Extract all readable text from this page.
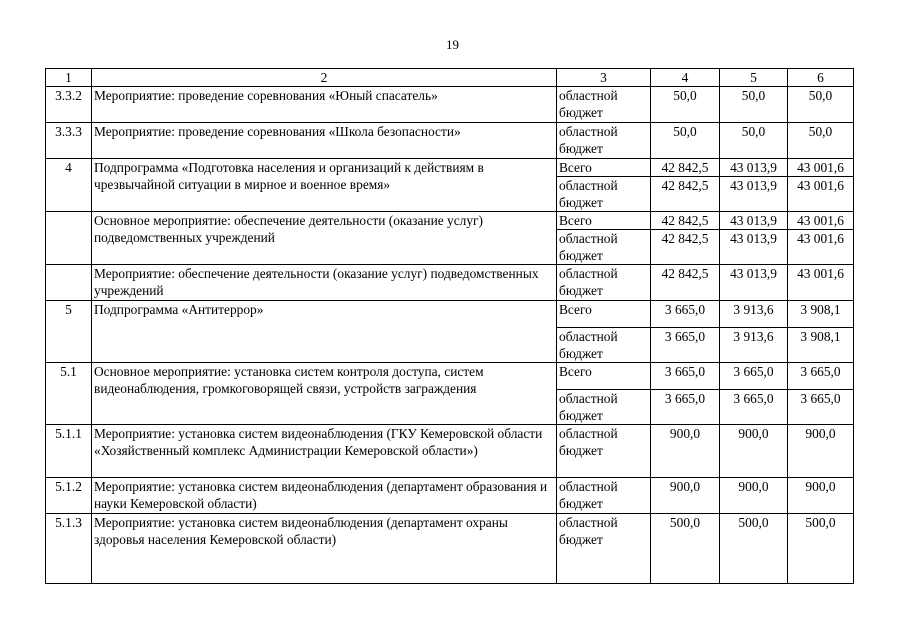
19
1	2	3	4	5	6
3.3.2	Мероприятие: проведение соревнования «Юный спасатель»	областной бюджет	50,0	50,0	50,0
3.3.3	Мероприятие: проведение соревнования «Школа безопасности»	областной бюджет	50,0	50,0	50,0
4	Подпрограмма «Подготовка населения и организаций к действиям в чрезвычайной ситуации в мирное и военное время»	Всего	42 842,5	43 013,9	43 001,6
		областной бюджет	42 842,5	43 013,9	43 001,6
	Основное мероприятие: обеспечение деятельности (оказание услуг) подведомственных учреждений	Всего	42 842,5	43 013,9	43 001,6
		областной бюджет	42 842,5	43 013,9	43 001,6
	Мероприятие: обеспечение деятельности (оказание услуг) подведомственных учреждений	областной бюджет	42 842,5	43 013,9	43 001,6
5	Подпрограмма «Антитеррор»	Всего	3 665,0	3 913,6	3 908,1
		областной бюджет	3 665,0	3 913,6	3 908,1
5.1	Основное мероприятие: установка систем контроля доступа, систем видеонаблюдения, громкоговорящей связи, устройств заграждения	Всего	3 665,0	3 665,0	3 665,0
		областной бюджет	3 665,0	3 665,0	3 665,0
5.1.1	Мероприятие: установка систем видеонаблюдения (ГКУ Кемеровской области «Хозяйственный комплекс Администрации Кемеровской области»)	областной бюджет	900,0	900,0	900,0
5.1.2	Мероприятие: установка систем видеонаблюдения (департамент образования и науки Кемеровской области)	областной бюджет	900,0	900,0	900,0
5.1.3	Мероприятие: установка систем видеонаблюдения (департамент охраны здоровья населения Кемеровской области)	областной бюджет	500,0	500,0	500,0
